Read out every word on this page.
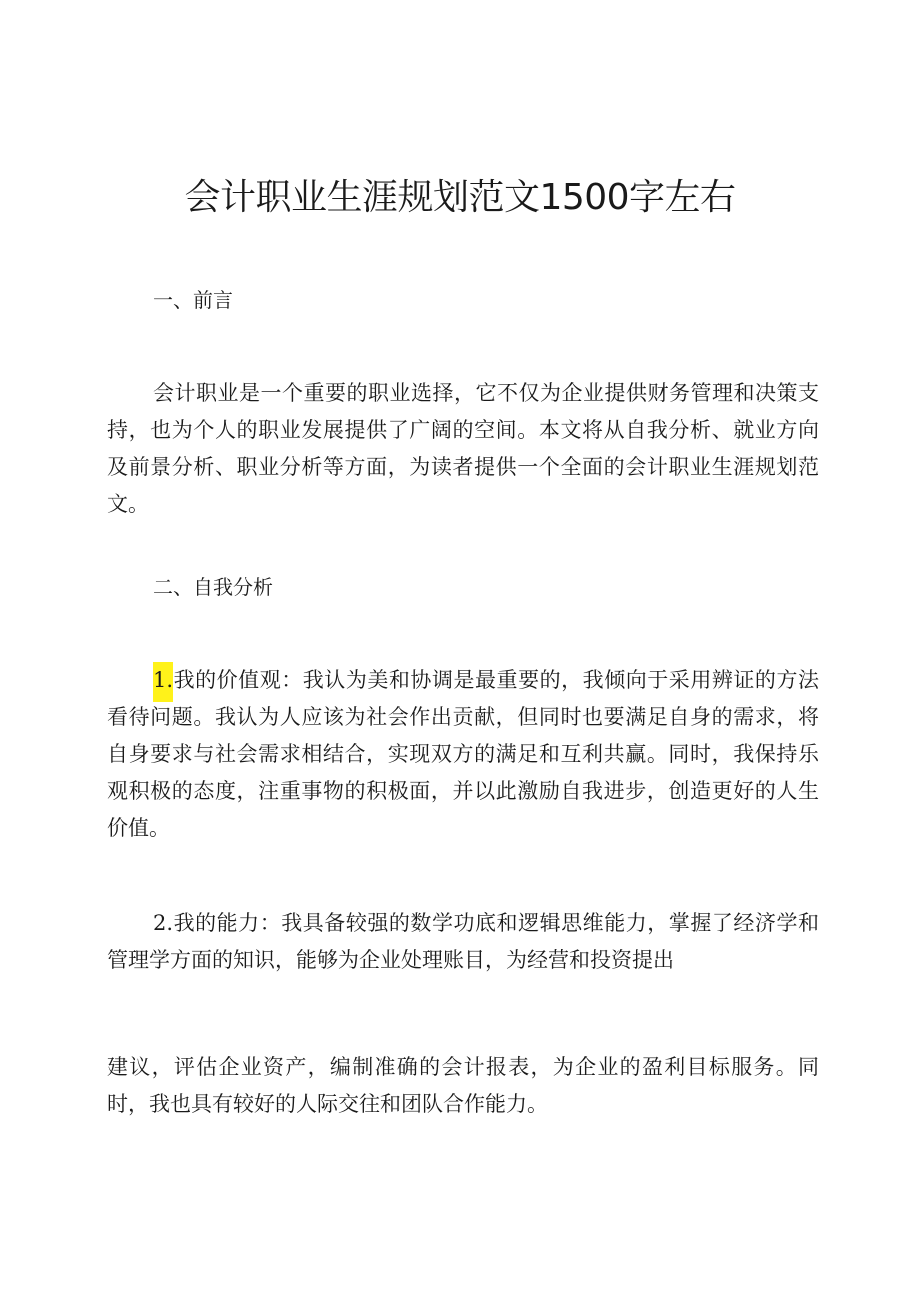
会计职业生涯规划范文1500字左右
一、前言

会计职业是一个重要的职业选择，它不仅为企业提供财务管理和决策支持，也为个人的职业发展提供了广阔的空间。本文将从自我分析、就业方向及前景分析、职业分析等方面，为读者提供一个全面的会计职业生涯规划范文。

二、自我分析

1.我的价值观：我认为美和协调是最重要的，我倾向于采用辨证的方法看待问题。我认为人应该为社会作出贡献，但同时也要满足自身的需求，将自身要求与社会需求相结合，实现双方的满足和互利共赢。同时，我保持乐观积极的态度，注重事物的积极面，并以此激励自我进步，创造更好的人生价值。

2.我的能力：我具备较强的数学功底和逻辑思维能力，掌握了经济学和管理学方面的知识，能够为企业处理账目，为经营和投资提出

建议，评估企业资产，编制准确的会计报表，为企业的盈利目标服务。同时，我也具有较好的人际交往和团队合作能力。
